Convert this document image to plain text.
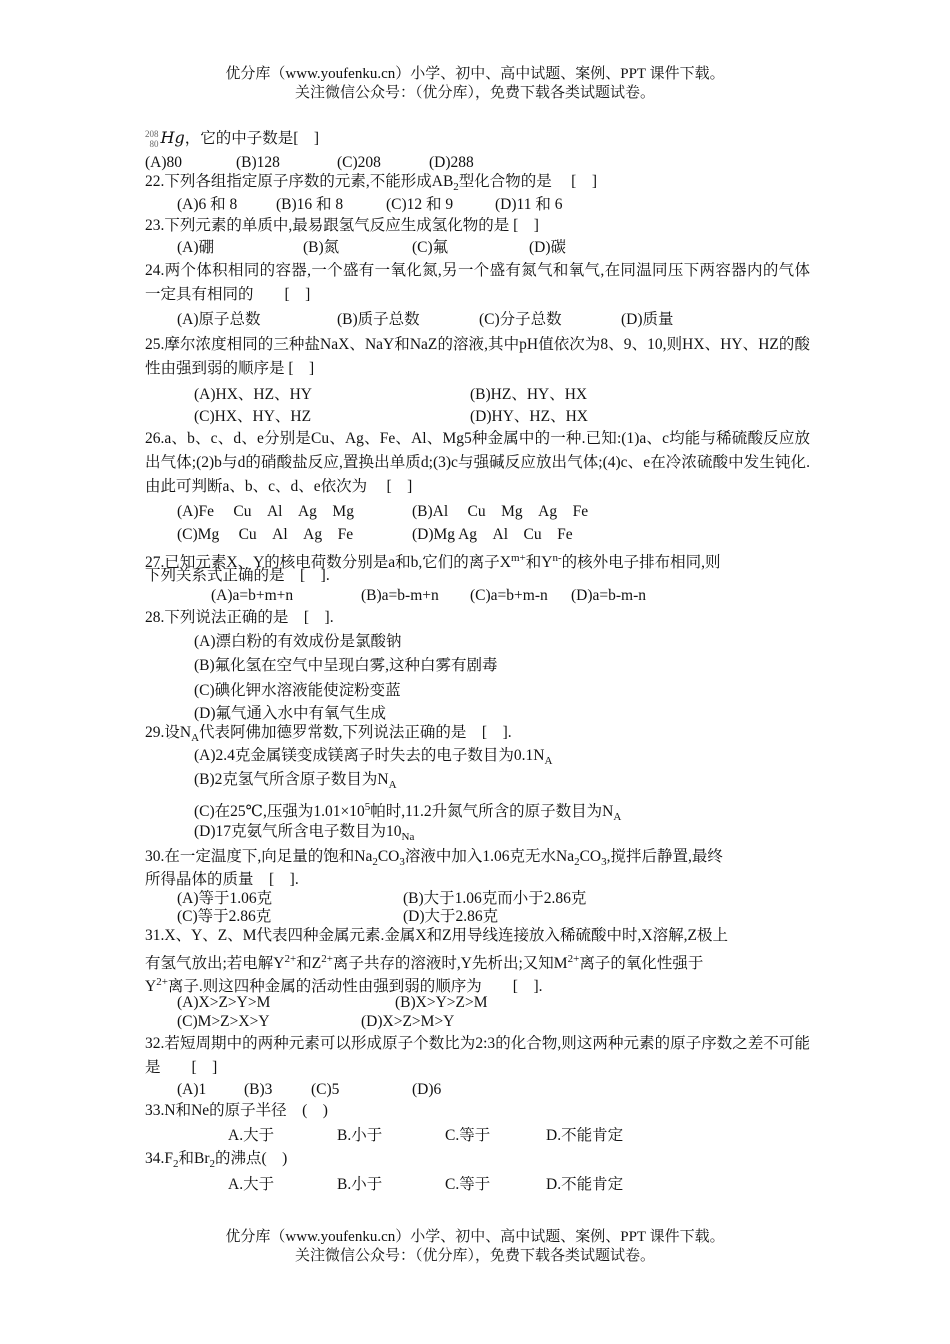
优分库（www.youfenku.cn）小学、初中、高中试题、案例、PPT 课件下载。
关注微信公众号：（优分库），免费下载各类试题试卷。
208
80 Hg，它的中子数是[　]
(A)80	(B)128	(C)208	(D)288
22.下列各组指定原子序数的元素,不能形成$AB_2$型化合物的是　 [　]
(A)6 和 8 (B)16 和 8	(C)12 和 9	(D)11 和 6
23.下列元素的单质中,最易跟氢气反应生成氢化物的是 [　]
(A)硼	(B)氮	(C)氟	(D)碳
24.两个体积相同的容器,一个盛有一氧化氮,另一个盛有氮气和氧气,在同温同压下两容器内的气体一定具有相同的　　[　]
(A)原子总数	(B)质子总数	(C)分子总数	(D)质量
25.摩尔浓度相同的三种盐NaX、NaY和NaZ的溶液,其中pH值依次为8、9、10,则HX、HY、HZ的酸性由强到弱的顺序是 [　]
(A)HX、HZ、HY	(B)HZ、HY、HX
(C)HX、HY、HZ	(D)HY、HZ、HX
26.a、b、c、d、e分别是Cu、Ag、Fe、Al、Mg5种金属中的一种.已知:(1)a、c均能与稀硫酸反应放出气体;(2)b与d的硝酸盐反应,置换出单质d;(3)c与强碱反应放出气体;(4)c、e在冷浓硫酸中发生钝化.由此可判断a、b、c、d、e依次为　 [　]
(A)Fe　 Cu　Al　Ag　Mg	(B)Al　 Cu　Mg　Ag　Fe
(C)Mg　 Cu　Al　Ag　Fe	(D)Mg Ag　Al　Cu　Fe
27.已知元素X、Y的核电荷数分别是a和b,它们的离子$X^{m+}$和$Y^{n-}$的核外电子排布相同,则
下列关系式正确的是　[　].
(A)a=b+m+n	(B)a=b-m+n (C)a=b+m-n (D)a=b-m-n
28.下列说法正确的是　[　].
(A)漂白粉的有效成份是氯酸钠
(B)氟化氢在空气中呈现白雾,这种白雾有剧毒
(C)碘化钾水溶液能使淀粉变蓝
(D)氟气通入水中有氧气生成
29.设$N_A$代表阿佛加德罗常数,下列说法正确的是　[　].
(A)2.4克金属镁变成镁离子时失去的电子数目为$0.1N_A$
(B)2克氢气所含原子数目为$N_A$
(C)在25℃,压强为$1.01\times 10^5$帕时,11.2升氮气所含的原子数目为$N_A$
(D)17克氨气所含电子数目为$10_{Na}$
30.在一定温度下,向足量的饱和$Na_2CO_3$溶液中加入1.06克无水$Na_2CO_3$,搅拌后静置,最终
所得晶体的质量　[　].
(A)等于1.06克	(B)大于1.06克而小于2.86克
(C)等于2.86克	(D)大于2.86克
31.X、Y、Z、M代表四种金属元素.金属X和Z用导线连接放入稀硫酸中时,X溶解,Z极上
有氢气放出;若电解$Y^{2+}$和$Z^{2+}$离子共存的溶液时,Y先析出;又知$M^{2+}$离子的氧化性强于
$Y^{2+}$离子.则这四种金属的活动性由强到弱的顺序为　　[　].
(A)X>Z>Y>M	(B)X>Y>Z>M
(C)M>Z>X>Y	(D)X>Z>M>Y
32.若短周期中的两种元素可以形成原子个数比为2:3的化合物,则这两种元素的原子序数之差不可能是　　[　]
(A)1 (B)3 (C)5	(D)6
33.N和Ne的原子半径　(　)
A.大于	B.小于	C.等于	D.不能肯定
$34.F_2$和$Br_2$的沸点(　)
A.大于	B.小于	C.等于	D.不能肯定
优分库（www.youfenku.cn）小学、初中、高中试题、案例、PPT 课件下载。
关注微信公众号：（优分库），免费下载各类试题试卷。
